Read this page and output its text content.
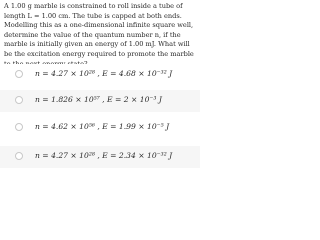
A 1.00 g marble is constrained to roll inside a tube of length L = 1.00 cm. The tube is capped at both ends. Modelling this as a one-dimensional infinite square well, determine the value of the quantum number n, if the marble is initially given an energy of 1.00 mJ. What will be the excitation energy required to promote the marble
n = 4.27 × 10²⁸ , E = 4.68 × 10⁻³² J
n = 1.826 × 10⁵⁷ , E = 2 × 10⁻³ J
n = 4.62 × 10⁵⁶ , E = 1.99 × 10⁻⁵ J
n = 4.27 × 10²⁸ , E = 2.34 × 10⁻³² J
